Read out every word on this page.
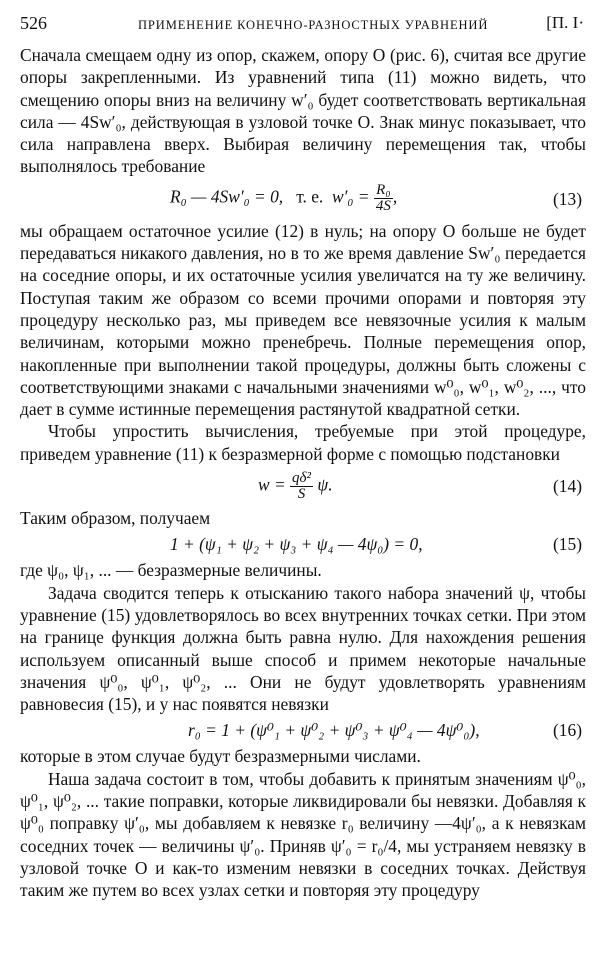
526	ПРИМЕНЕНИЕ КОНЕЧНО-РАЗНОСТНЫХ УРАВНЕНИЙ	[П. I·

Сначала смещаем одну из опор, скажем, опору O (рис. 6), считая все другие опоры закрепленными. Из уравнений типа (11) можно видеть, что смещению опоры вниз на величину w′₀ будет соответствовать вертикальная сила — 4Sw′₀, действующая в узловой точке O. Знак минус показывает, что сила направлена вверх. Выбирая величину перемещения так, чтобы выполнялось требование

R₀ — 4Sw′₀ = 0, т. е. $w'_0 = \frac{\text{R₀}}{4S}$ ,	(13)

мы обращаем остаточное усилие (12) в нуль; на опору O больше не будет передаваться никакого давления, но в то же время давление Sw′₀ передается на соседние опоры, и их остаточные усилия увеличатся на ту же величину. Поступая таким же образом со всеми прочими опорами и повторяя эту процедуру несколько раз, мы приведем все невязочные усилия к малым величинам, которыми можно пренебречь. Полные перемещения опор, накопленные при выполнении такой процедуры, должны быть сложены с соответствующими знаками с начальными значениями w⁰₀, w⁰₁, w⁰₂, ..., что дает в сумме истинные перемещения растянутой квадратной сетки.

Чтобы упростить вычисления, требуемые при этой процедуре, приведем уравнение (11) к безразмерной форме с помощью подстановки

$w = \frac{\text{qδ²}}{S} \psi$.	(14)

Таким образом, получаем

1 + (ψ₁ + ψ₂ + ψ₃ + ψ₄ — 4ψ₀) = 0,	(15)

где ψ₀, ψ₁, ... — безразмерные величины.

Задача сводится теперь к отысканию такого набора значений ψ, чтобы уравнение (15) удовлетворялось во всех внутренних точках сетки. При этом на границе функция должна быть равна нулю. Для нахождения решения используем описанный выше способ и примем некоторые начальные значения ψ⁰₀, ψ⁰₁, ψ⁰₂, ... Они не будут удовлетворять уравнениям равновесия (15), и у нас появятся невязки

r₀ = 1 + (ψ⁰₁ + ψ⁰₂ + ψ⁰₃ + ψ⁰₄ — 4ψ⁰₀),	(16)

которые в этом случае будут безразмерными числами.

Наша задача состоит в том, чтобы добавить к принятым значениям ψ⁰₀, ψ⁰₁, ψ⁰₂, ... такие поправки, которые ликвидировали бы невязки. Добавляя к ψ⁰₀ поправку ψ′₀, мы добавляем к невязке r₀ величину —4ψ′₀, а к невязкам соседних точек — величины ψ′₀. Приняв ψ′₀ = r₀/4, мы устраняем невязку в узловой точке O и как-то изменим невязки в соседних точках. Действуя таким же путем во всех узлах сетки и повторяя эту процедуру
